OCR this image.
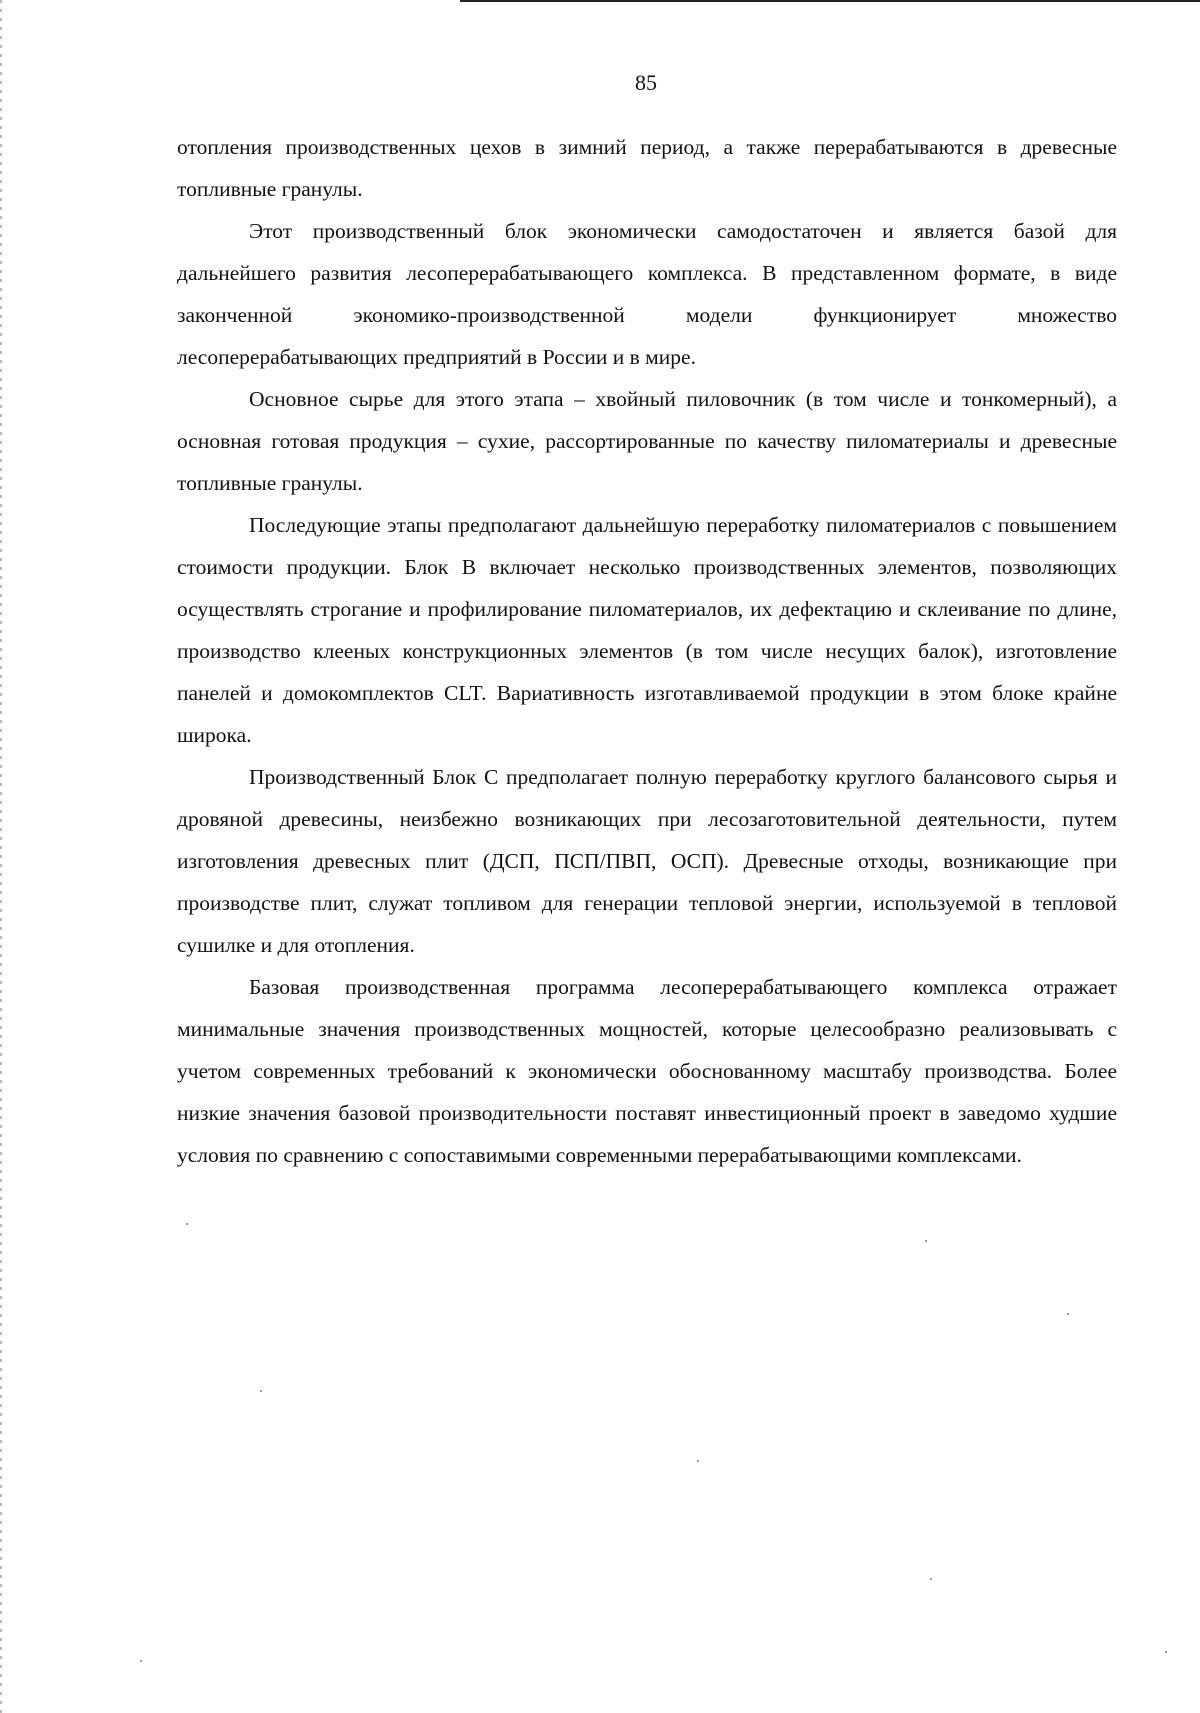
85

отопления производственных цехов в зимний период, а также перерабатываются в древесные топливные гранулы.

Этот производственный блок экономически самодостаточен и является базой для дальнейшего развития лесоперерабатывающего комплекса. В представленном формате, в виде законченной экономико-производственной модели функционирует множество лесоперерабатывающих предприятий в России и в мире.

Основное сырье для этого этапа – хвойный пиловочник (в том числе и тонкомерный), а основная готовая продукция – сухие, рассортированные по качеству пиломатериалы и древесные топливные гранулы.

Последующие этапы предполагают дальнейшую переработку пиломатериалов с повышением стоимости продукции. Блок В включает несколько производственных элементов, позволяющих осуществлять строгание и профилирование пиломатериалов, их дефектацию и склеивание по длине, производство клееных конструкционных элементов (в том числе несущих балок), изготовление панелей и домокомплектов CLT. Вариативность изготавливаемой продукции в этом блоке крайне широка.

Производственный Блок С предполагает полную переработку круглого балансового сырья и дровяной древесины, неизбежно возникающих при лесозаготовительной деятельности, путем изготовления древесных плит (ДСП, ПСП/ПВП, ОСП). Древесные отходы, возникающие при производстве плит, служат топливом для генерации тепловой энергии, используемой в тепловой сушилке и для отопления.

Базовая производственная программа лесоперерабатывающего комплекса отражает минимальные значения производственных мощностей, которые целесообразно реализовывать с учетом современных требований к экономически обоснованному масштабу производства. Более низкие значения базовой производительности поставят инвестиционный проект в заведомо худшие условия по сравнению с сопоставимыми современными перерабатывающими комплексами.
